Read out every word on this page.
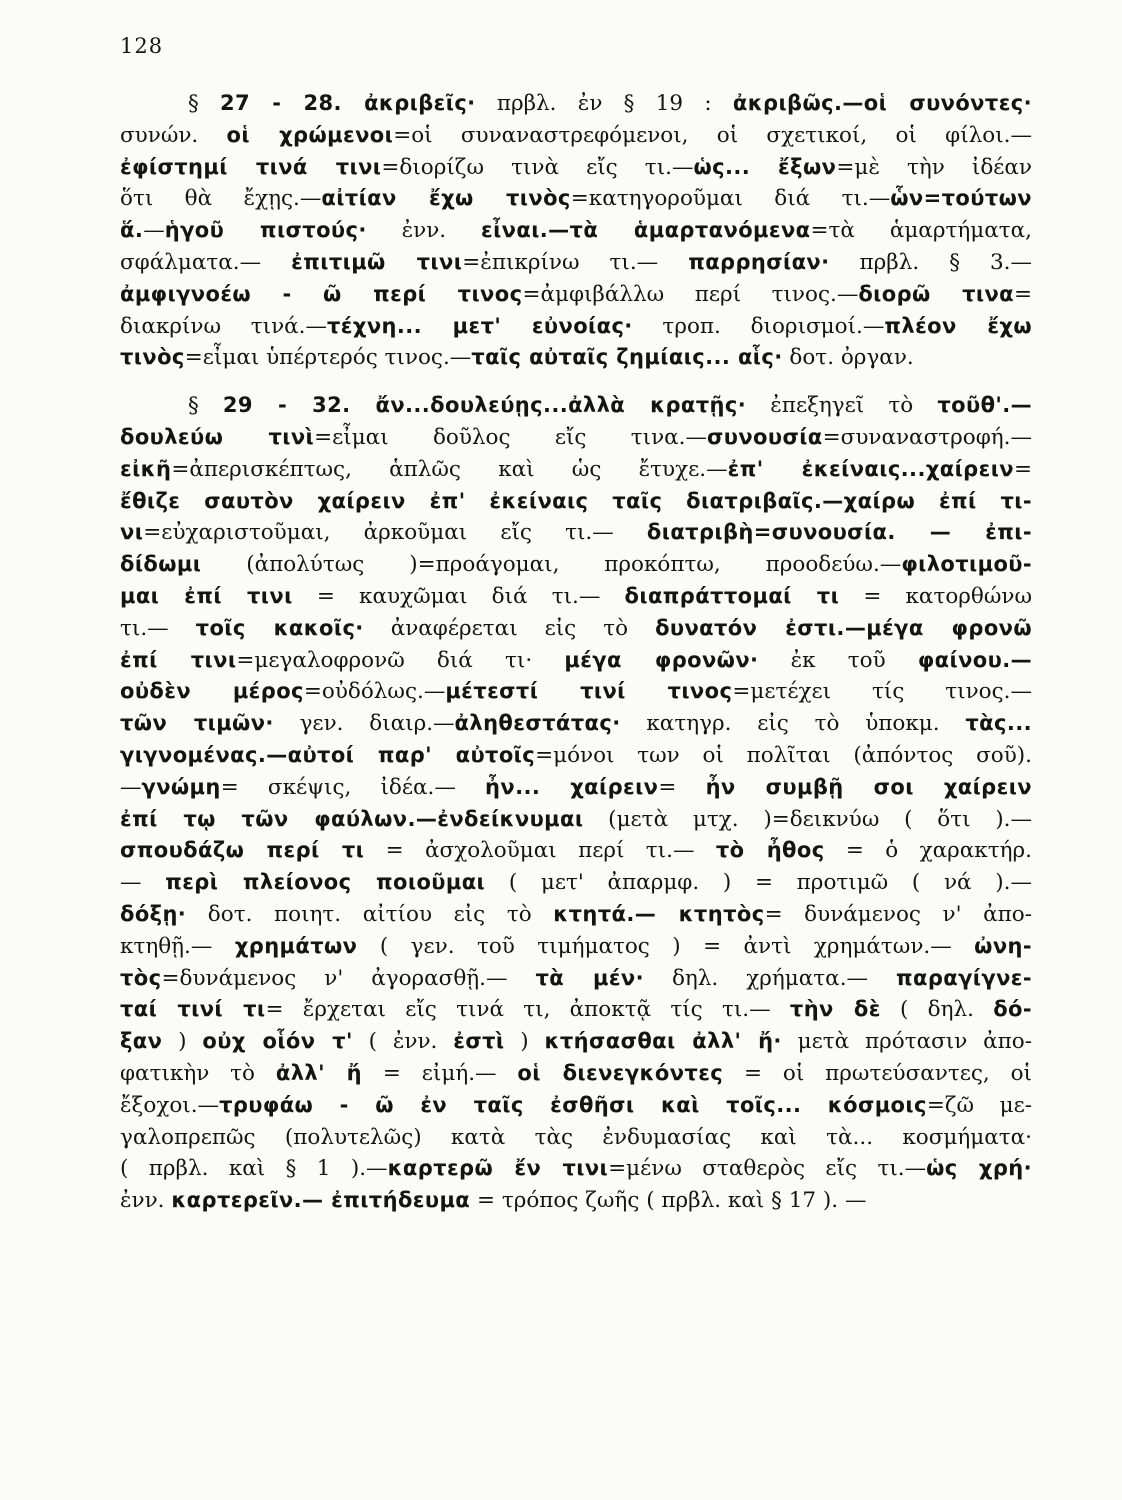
128
§ 27 - 28. ἀκριβεῖς· πρβλ. ἐν § 19 : ἀκριβῶς.—οἱ συνόντες·
συνών. οἱ χρώμενοι=οἱ συναναστρεφόμενοι, οἱ σχετικοί, οἱ φίλοι.—
ἐφίστημί τινά τινι=διορίζω τινὰ εἴς τι.—ὡς... ἔξων=μὲ τὴν ἰδέαν
ὅτι θὰ ἔχῃς.—αἰτίαν ἔχω τινὸς=κατηγοροῦμαι διά τι.—ὧν=τούτων
ἅ.—ἡγοῦ πιστούς· ἐνν. εἶναι.—τὰ ἁμαρτανόμενα=τὰ ἁμαρτήματα,
σφάλματα.— ἐπιτιμῶ τινι=ἐπικρίνω τι.— παρρησίαν· πρβλ. § 3.—
ἀμφιγνοέω - ῶ περί τινος=ἀμφιβάλλω περί τινος.—διορῶ τινα=
διακρίνω τινά.—τέχνη... μετ' εὐνοίας· τροπ. διορισμοί.—πλέον ἔχω
τινὸς=εἶμαι ὑπέρτερός τινος.—ταῖς αὐταῖς ζημίαις... αἷς· δοτ. ὀργαν.
§ 29 - 32. ἄν...δουλεύῃς...ἀλλὰ κρατῇς· ἐπεξηγεῖ τὸ τοῦθ'.—
δουλεύω τινὶ=εἶμαι δοῦλος εἴς τινα.—συνουσία=συναναστροφή.—
εἰκῆ=ἀπερισκέπτως, ἁπλῶς καὶ ὡς ἔτυχε.—ἐπ' ἐκείναις...χαίρειν=
ἔθιζε σαυτὸν χαίρειν ἐπ' ἐκείναις ταῖς διατριβαῖς.—χαίρω ἐπί τι-
νι=εὐχαριστοῦμαι, ἀρκοῦμαι εἴς τι.— διατριβὴ=συνουσία. — ἐπι-
δίδωμι (ἀπολύτως )=προάγομαι, προκόπτω, προοδεύω.—φιλοτιμοῦ-
μαι ἐπί τινι = καυχῶμαι διά τι.— διαπράττομαί τι = κατορθώνω
τι.— τοῖς κακοῖς· ἀναφέρεται εἰς τὸ δυνατόν ἐστι.—μέγα φρονῶ
ἐπί τινι=μεγαλοφρονῶ διά τι· μέγα φρονῶν· ἐκ τοῦ φαίνου.—
οὐδὲν μέρος=οὐδόλως.—μέτεστί τινί τινος=μετέχει τίς τινος.—
τῶν τιμῶν· γεν. διαιρ.—ἀληθεστάτας· κατηγρ. εἰς τὸ ὑποκμ. τὰς...
γιγνομένας.—αὐτοί παρ' αὐτοῖς=μόνοι των οἱ πολῖται (ἀπόντος σοῦ).
—γνώμη= σκέψις, ἰδέα.— ἦν... χαίρειν= ἦν συμβῇ σοι χαίρειν
ἐπί τῳ τῶν φαύλων.—ἐνδείκνυμαι (μετὰ μτχ. )=δεικνύω ( ὅτι ).—
σπουδάζω περί τι = ἀσχολοῦμαι περί τι.— τὸ ἦθος = ὁ χαρακτήρ.
— περὶ πλείονος ποιοῦμαι ( μετ' ἀπαρμφ. ) = προτιμῶ ( νά ).—
δόξῃ· δοτ. ποιητ. αἰτίου εἰς τὸ κτητά.— κτητὸς= δυνάμενος ν' ἀπο-
κτηθῇ.— χρημάτων ( γεν. τοῦ τιμήματος ) = ἀντὶ χρημάτων.— ὠνη-
τὸς=δυνάμενος ν' ἀγορασθῇ.— τὰ μέν· δηλ. χρήματα.— παραγίγνε-
ταί τινί τι= ἔρχεται εἴς τινά τι, ἀποκτᾷ τίς τι.— τὴν δὲ ( δηλ. δό-
ξαν ) οὐχ οἷόν τ' ( ἐνν. ἐστὶ ) κτήσασθαι ἀλλ' ἤ· μετὰ πρότασιν ἀπο-
φατικὴν τὸ ἀλλ' ἤ = εἰμή.— οἱ διενεγκόντες = οἱ πρωτεύσαντες, οἱ
ἔξοχοι.—τρυφάω - ῶ ἐν ταῖς ἐσθῆσι καὶ τοῖς... κόσμοις=ζῶ με-
γαλοπρεπῶς (πολυτελῶς) κατὰ τὰς ἐνδυμασίας καὶ τὰ... κοσμήματα·
( πρβλ. καὶ § 1 ).—καρτερῶ ἔν τινι=μένω σταθερὸς εἴς τι.—ὡς χρή·
ἐνν. καρτερεῖν.— ἐπιτήδευμα = τρόπος ζωῆς ( πρβλ. καὶ § 17 ). —
